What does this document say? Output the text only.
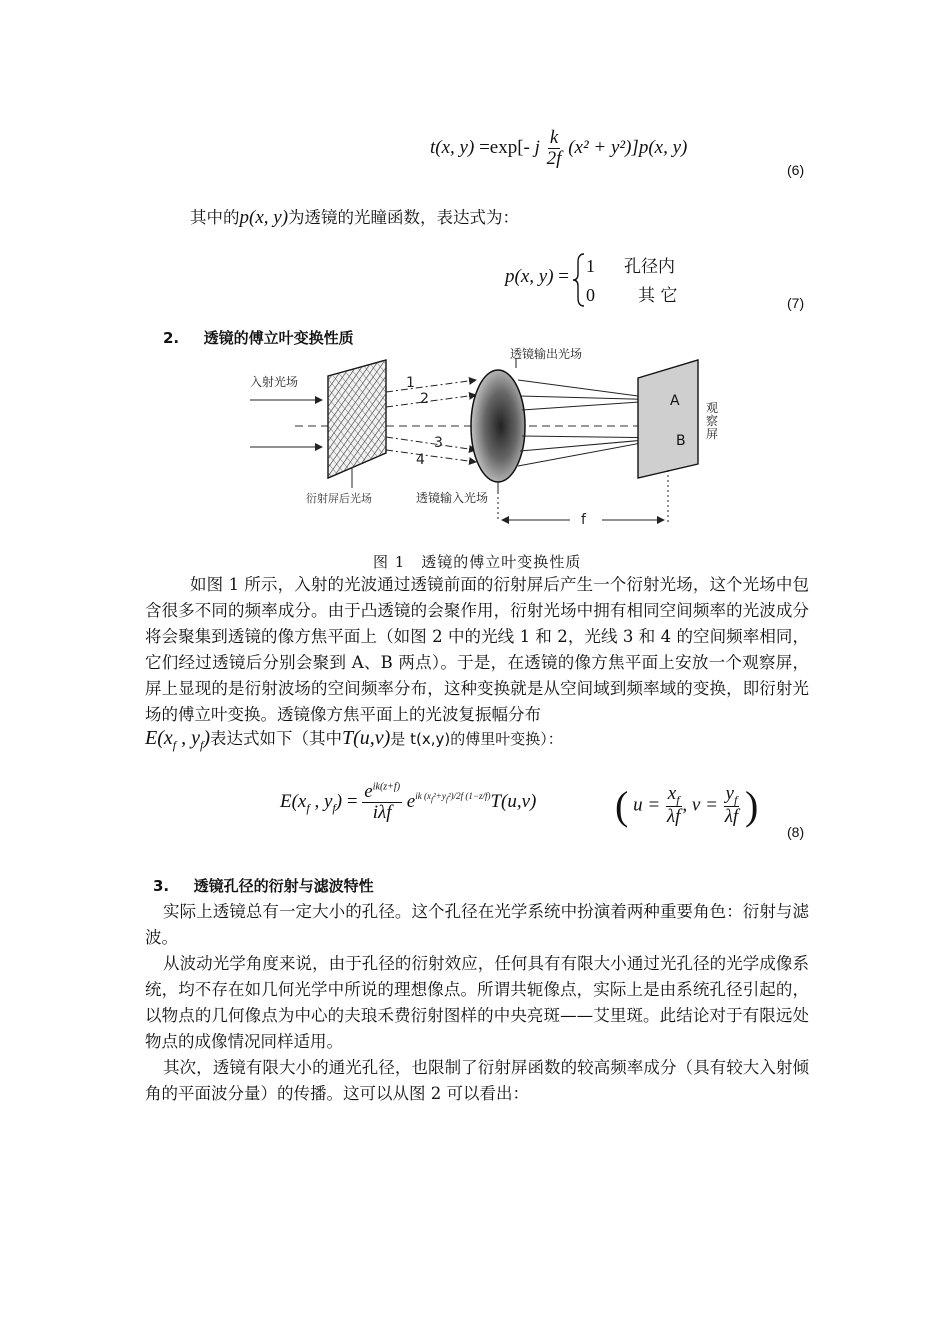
t(x, y) =exp[- j $\frac{k}{2f} (x^2 + y^2)]p(x$, y)
(6)
其中的p(x, y)为透镜的光瞳函数，表达式为：
p(x, y) = 1 孔径内
0	其 它	(7)
2. 透镜的傅立叶变换性质
入射光场
衍射屏后光场
1
2
3
4
透镜输入光场
透镜输出光场
A
B
观
察
屏
f
图 1　透镜的傅立叶变换性质
如图 1 所示，入射的光波通过透镜前面的衍射屏后产生一个衍射光场，这个光场中包含很多不同的频率成分。由于凸透镜的会聚作用，衍射光场中拥有相同空间频率的光波成分将会聚集到透镜的像方焦平面上（如图 2 中的光线 1 和 2，光线 3 和 4 的空间频率相同，它们经过透镜后分别会聚到 A、B 两点）。于是，在透镜的像方焦平面上安放一个观察屏，屏上显现的是衍射波场的空间频率分布，这种变换就是从空间域到频率域的变换，即衍射光场的傅立叶变换。透镜像方焦平面上的光波复振幅分布
$E(x_f$ , $y_f$)表达式如下（其中T(u,v)是 t(x,y)的傅里叶变换）：
$E(x_f$ , $y_f) = \frac{e^{ik(z+f)}}{\text{iλf}} e^{ik (x_f^2+y_f^2)/2f (1-z/f)}T(u,v)$ ( $u = \frac{x_f}{\lambda f}$ , $v = \frac{y_f}{\lambda f}$ )
(8)
3. 透镜孔径的衍射与滤波特性
实际上透镜总有一定大小的孔径。这个孔径在光学系统中扮演着两种重要角色：衍射与滤波。
从波动光学角度来说，由于孔径的衍射效应，任何具有有限大小通过光孔径的光学成像系统，均不存在如几何光学中所说的理想像点。所谓共轭像点，实际上是由系统孔径引起的，以物点的几何像点为中心的夫琅禾费衍射图样的中央亮斑——艾里斑。此结论对于有限远处物点的成像情况同样适用。
其次，透镜有限大小的通光孔径，也限制了衍射屏函数的较高频率成分（具有较大入射倾角的平面波分量）的传播。这可以从图 2 可以看出：
